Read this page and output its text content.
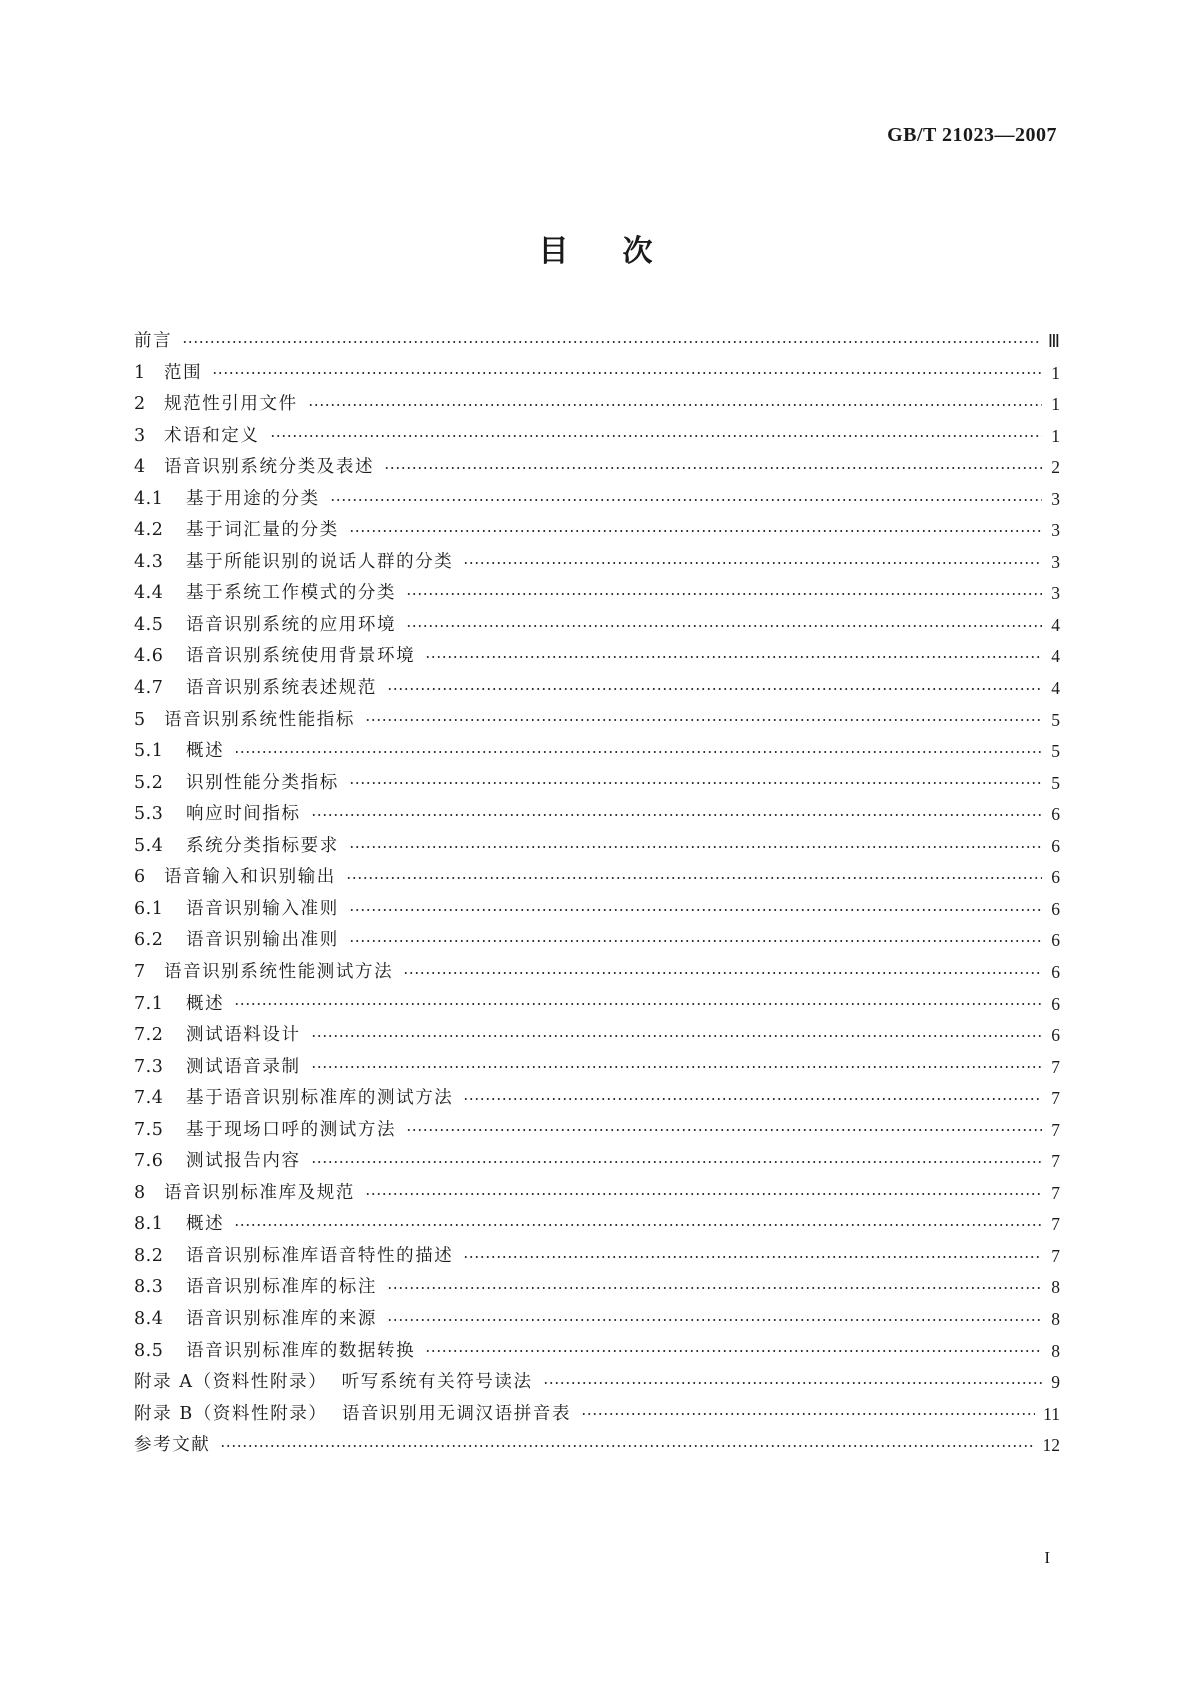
GB/T 21023—2007
目次
前言	Ⅲ
1	范围	1
2	规范性引用文件	1
3	术语和定义	1
4	语音识别系统分类及表述	2
4.1	基于用途的分类	3
4.2	基于词汇量的分类	3
4.3	基于所能识别的说话人群的分类	3
4.4	基于系统工作模式的分类	3
4.5	语音识别系统的应用环境	4
4.6	语音识别系统使用背景环境	4
4.7	语音识别系统表述规范	4
5	语音识别系统性能指标	5
5.1	概述	5
5.2	识别性能分类指标	5
5.3	响应时间指标	6
5.4	系统分类指标要求	6
6	语音输入和识别输出	6
6.1	语音识别输入准则	6
6.2	语音识别输出准则	6
7	语音识别系统性能测试方法	6
7.1	概述	6
7.2	测试语料设计	6
7.3	测试语音录制	7
7.4	基于语音识别标准库的测试方法	7
7.5	基于现场口呼的测试方法	7
7.6	测试报告内容	7
8	语音识别标准库及规范	7
8.1	概述	7
8.2	语音识别标准库语音特性的描述	7
8.3	语音识别标准库的标注	8
8.4	语音识别标准库的来源	8
8.5	语音识别标准库的数据转换	8
附录 A（资料性附录）  听写系统有关符号读法	9
附录 B（资料性附录）  语音识别用无调汉语拼音表	11
参考文献	12
I
